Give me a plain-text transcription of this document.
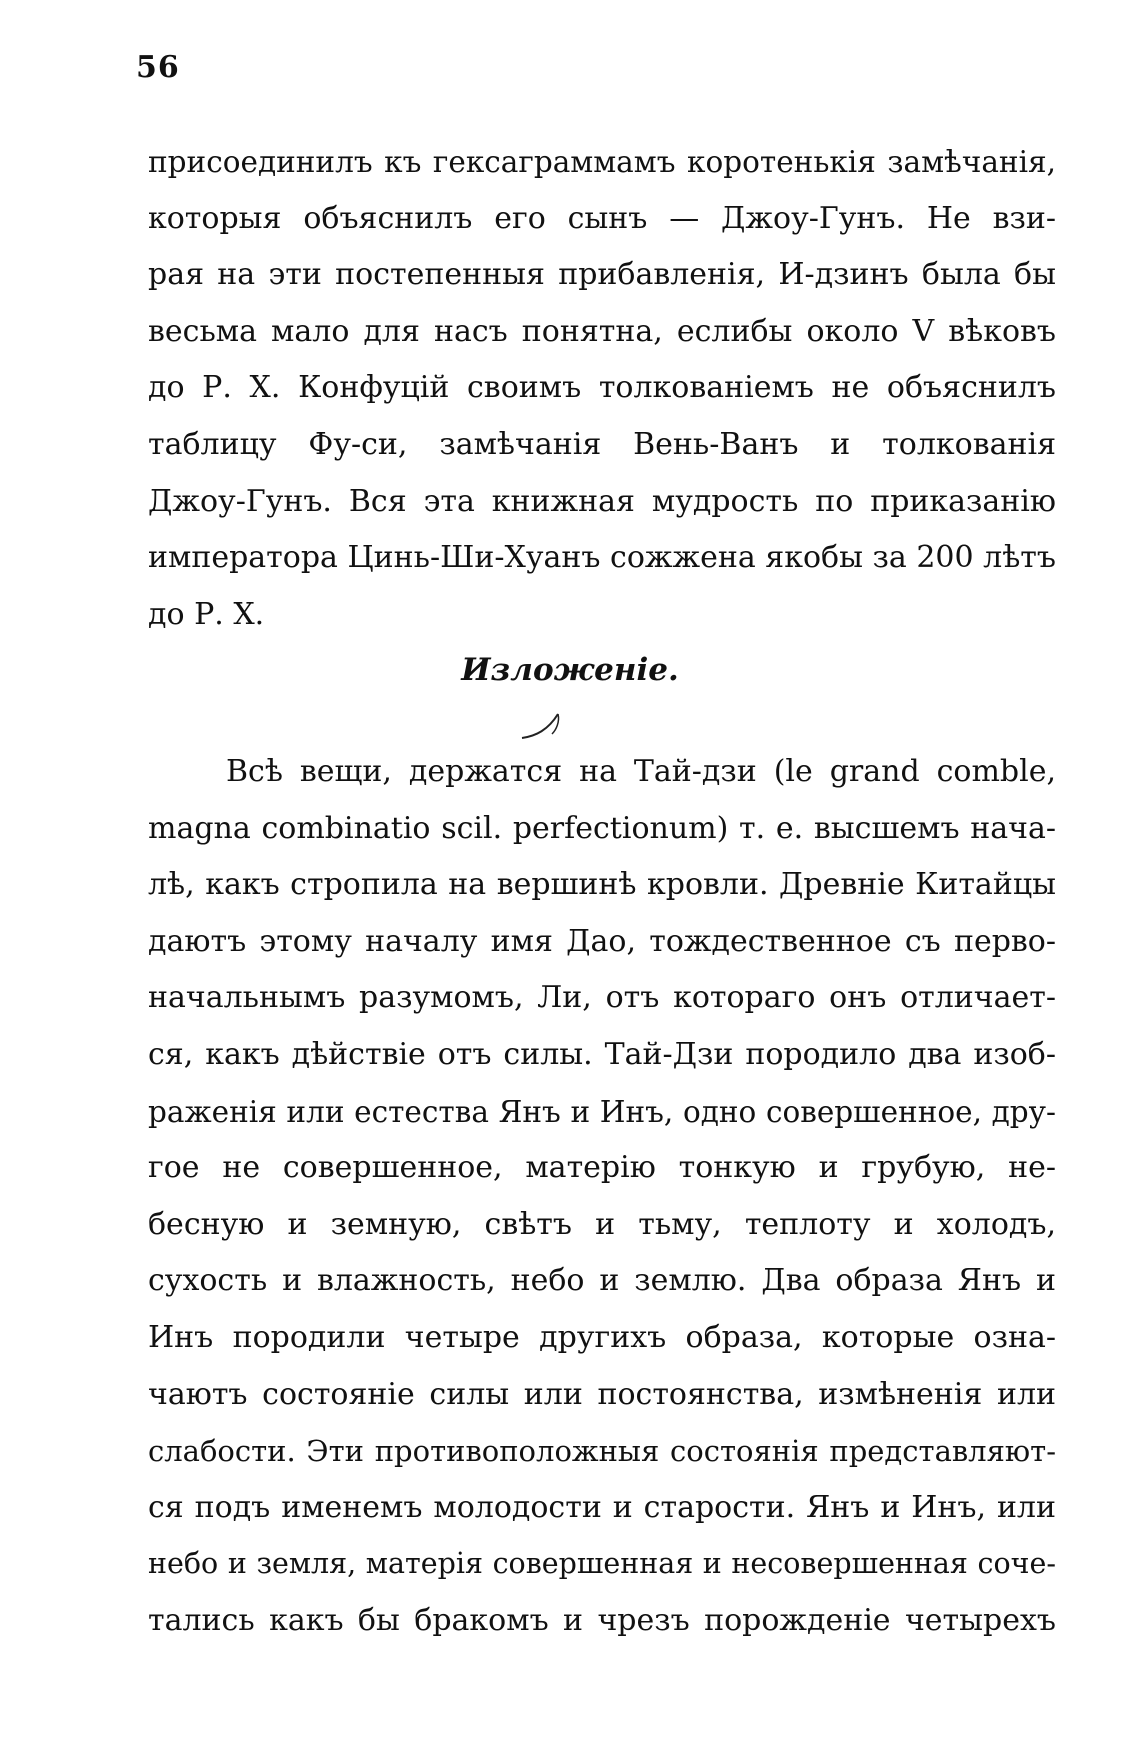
56
присоединилъ къ гексаграммамъ коротенькiя замѣчанiя,
которыя объяснилъ его сынъ — Джоу-Гунъ. Не взи-
рая на эти постепенныя прибавленiя, И-дзинъ была бы
весьма мало для насъ понятна, еслибы около V вѣковъ
до Р. Х. Конфуцiй своимъ толкованiемъ не объяснилъ
таблицу Фу-си, замѣчанiя Вень-Ванъ и толкованiя
Джоу-Гунъ. Вся эта книжная мудрость по приказанiю
императора Цинь-Ши-Хуанъ сожжена якобы за 200 лѣтъ
до Р. Х.
Изложенiе.
Всѣ вещи, держатся на Тай-дзи (le grand comble,
magna combinatio scil. perfectionum) т. е. высшемъ нача-
лѣ, какъ стропила на вершинѣ кровли. Древнiе Китайцы
даютъ этому началу имя Дао, тождественное съ перво-
начальнымъ разумомъ, Ли, отъ котораго онъ отличает-
ся, какъ дѣйствiе отъ силы. Тай-Дзи породило два изоб-
раженiя или естества Янъ и Инъ, одно совершенное, дру-
гое не совершенное, матерiю тонкую и грубую, не-
бесную и земную, свѣтъ и тьму, теплоту и холодъ,
сухость и влажность, небо и землю. Два образа Янъ и
Инъ породили четыре другихъ образа, которые озна-
чаютъ состоянiе силы или постоянства, измѣненiя или
слабости. Эти противоположныя состоянiя представляют-
ся подъ именемъ молодости и старости. Янъ и Инъ, или
небо и земля, матерiя совершенная и несовершенная соче-
тались какъ бы бракомъ и чрезъ порожденiе четырехъ
